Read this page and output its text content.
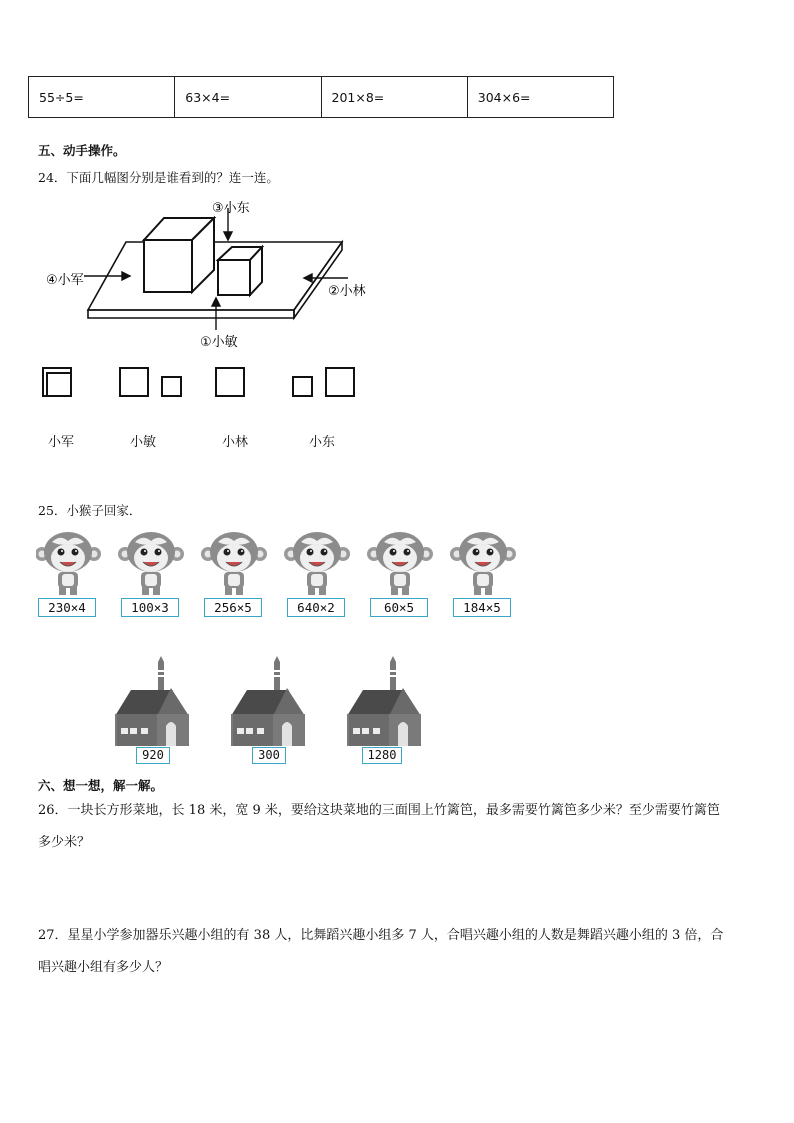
55÷5=	63×4=	201×8=	304×6=
五、动手操作。
24．下面几幅图分别是谁看到的？连一连。
③小东
④小军
②小林
①小敏
小军	小敏	小林	小东
25．小猴子回家．
230×4	100×3	256×5	640×2	60×5	184×5
920	300	1280
六、想一想，解一解。
26．一块长方形菜地，长 18 米，宽 9 米，要给这块菜地的三面围上竹篱笆，最多需要竹篱笆多少米？至少需要竹篱笆
多少米？
27．星星小学参加器乐兴趣小组的有 38 人，比舞蹈兴趣小组多 7 人，合唱兴趣小组的人数是舞蹈兴趣小组的 3 倍，合
唱兴趣小组有多少人？
